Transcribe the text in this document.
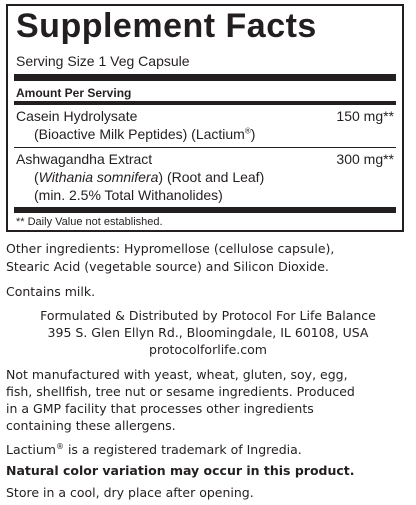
Supplement Facts
Serving Size 1 Veg Capsule
Amount Per Serving
Casein Hydrolysate	150 mg**
(Bioactive Milk Peptides) (Lactium®)
Ashwagandha Extract	300 mg**
(Withania somnifera) (Root and Leaf)
(min. 2.5% Total Withanolides)
** Daily Value not established.
Other ingredients: Hypromellose (cellulose capsule),
Stearic Acid (vegetable source) and Silicon Dioxide.
Contains milk.
Formulated & Distributed by Protocol For Life Balance
395 S. Glen Ellyn Rd., Bloomingdale, IL 60108, USA
protocolforlife.com
Not manufactured with yeast, wheat, gluten, soy, egg,
fish, shellfish, tree nut or sesame ingredients. Produced
in a GMP facility that processes other ingredients
containing these allergens.
Lactium® is a registered trademark of Ingredia.
Natural color variation may occur in this product.
Store in a cool, dry place after opening.
